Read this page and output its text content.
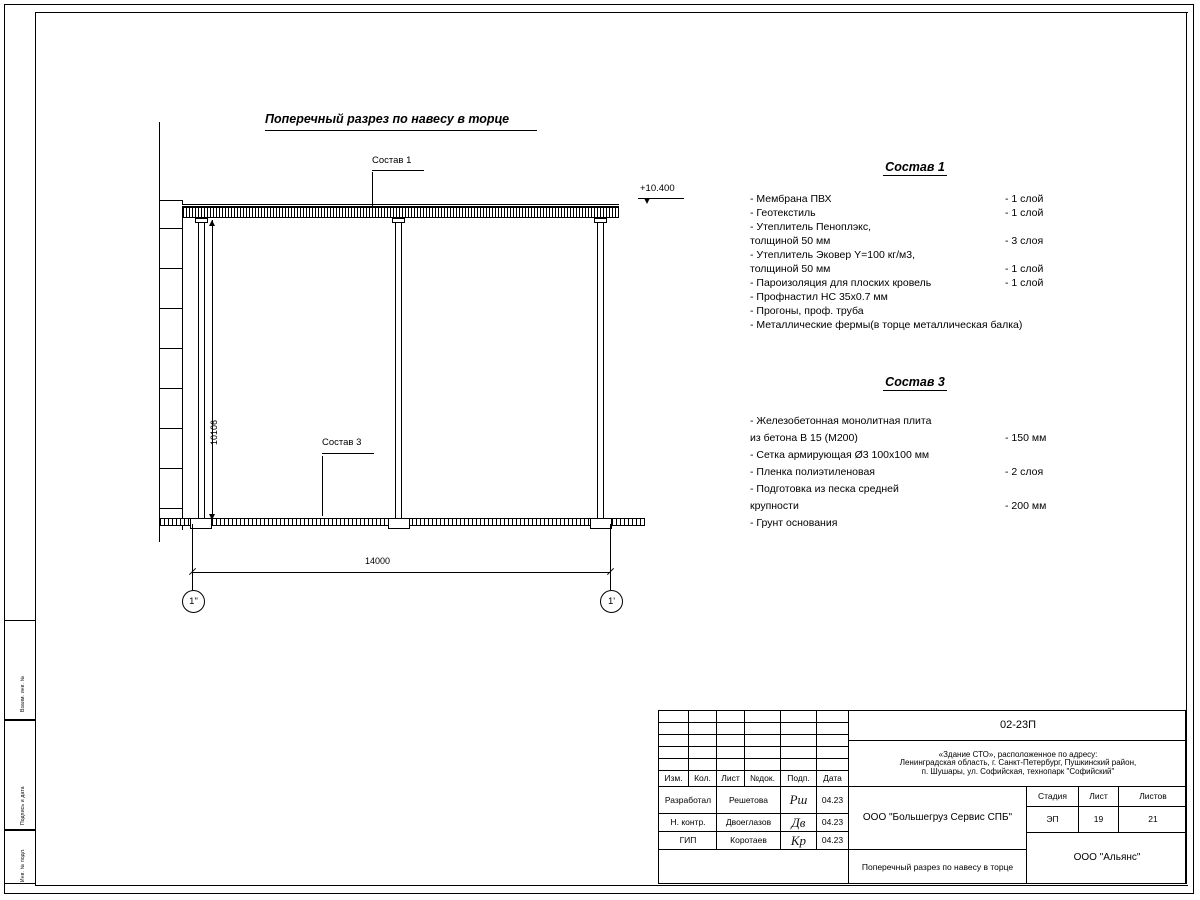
Взаим. инв. №
Подпись и дата
Инв. № подл.
Поперечный разрез по навесу в торце
Состав 1
Состав 3
+10.400
10106
14000
1"	1'
Состав 1
- Мембрана ПВХ	- 1 слой
- Геотекстиль	- 1 слой
- Утеплитель Пеноплэкс,
толщиной 50 мм	- 3 слоя
- Утеплитель Эковер Y=100 кг/м3,
толщиной 50 мм	- 1 слой
- Пароизоляция для плоских кровель	- 1 слой
- Профнастил НС 35х0.7 мм
- Прогоны, проф. труба
- Металлические фермы(в торце металлическая балка)
Состав 3
- Железобетонная монолитная плита
из бетона В 15 (М200)	- 150 мм
- Сетка армирующая Ø3 100х100 мм
- Пленка полиэтиленовая	- 2 слоя
- Подготовка из песка средней
крупности	- 200 мм
- Грунт основания
Изм.	Кол.	Лист	№док.	Подп.	Дата
Разработал	Решетова	Рш	04.23
Н. контр.	Двоеглазов	Дв	04.23
ГИП	Коротаев	Кр	04.23
02-23П
«Здание СТО», расположенное по адресу:
Ленинградская область, г. Санкт-Петербург, Пушкинский район,
п. Шушары, ул. Софийская, технопарк "Софийский"
ООО "Большегруз Сервис СПБ"
Стадия	Лист	Листов
ЭП	19	21
Поперечный разрез по навесу в торце
ООО "Альянс"
